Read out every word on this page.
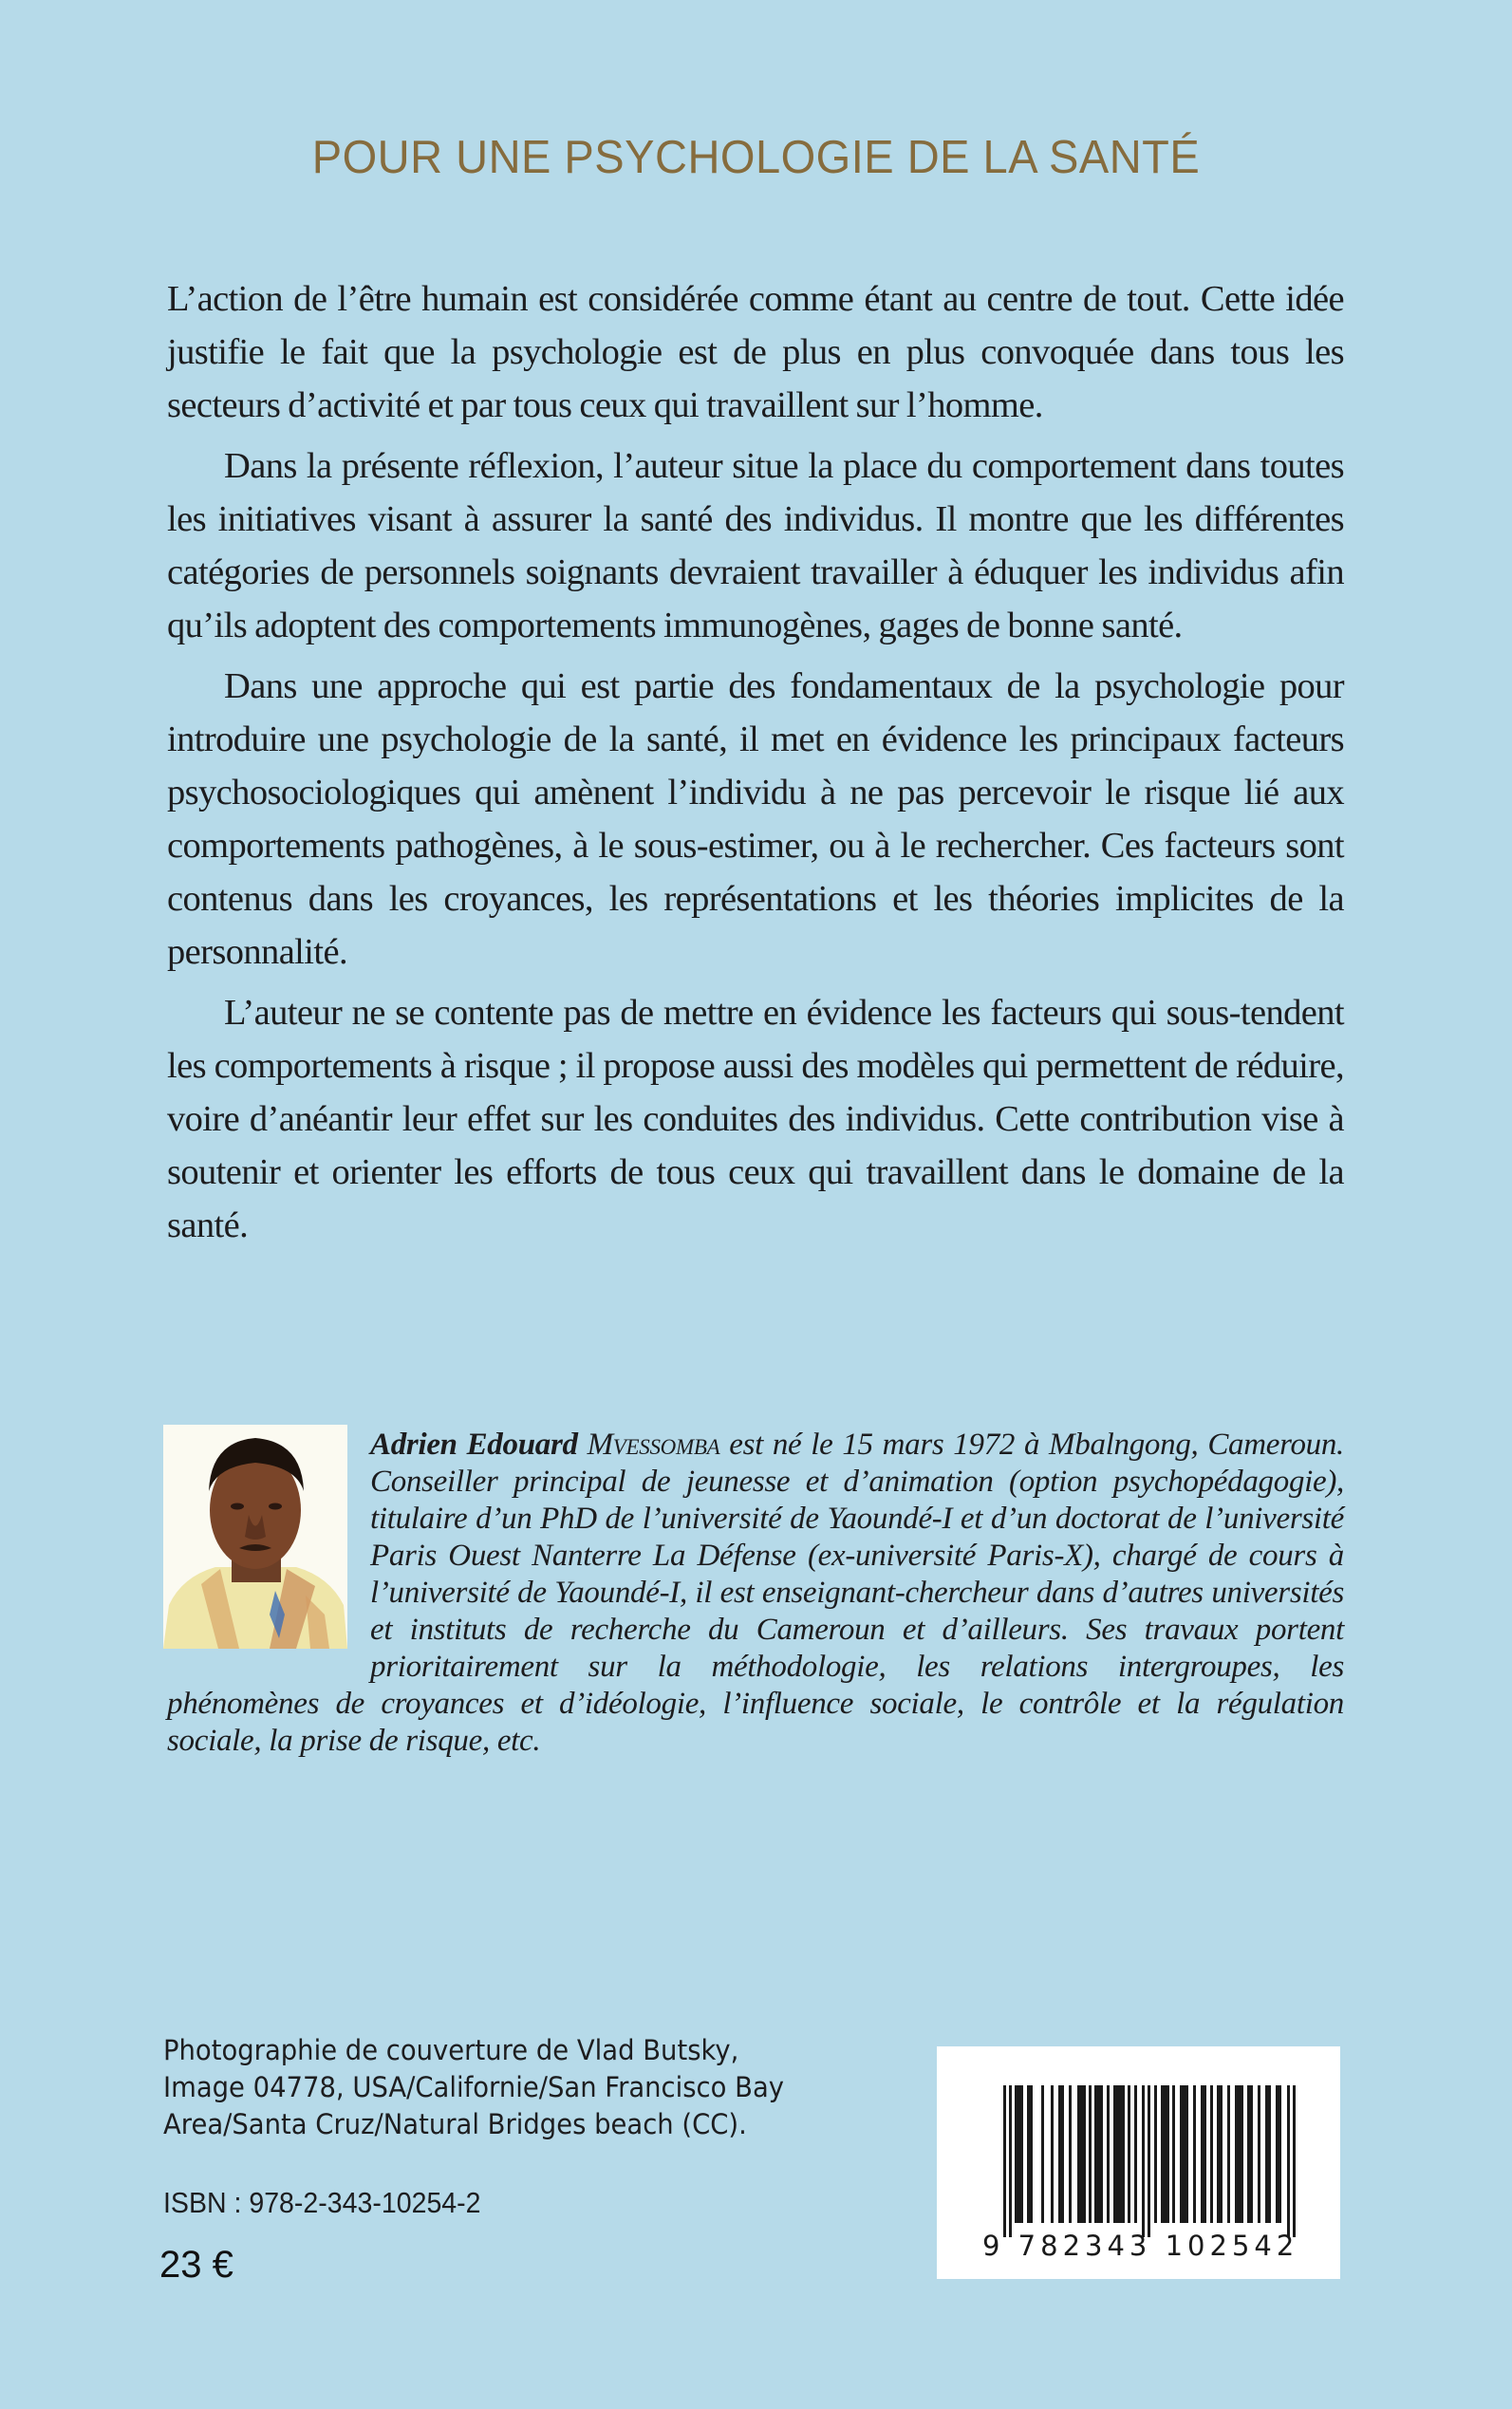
POUR UNE PSYCHOLOGIE DE LA SANTÉ

L’action de l’être humain est considérée comme étant au centre de tout. Cette idée justifie le fait que la psychologie est de plus en plus convoquée dans tous les secteurs d’activité et par tous ceux qui travaillent sur l’homme.

Dans la présente réflexion, l’auteur situe la place du comportement dans toutes les initiatives visant à assurer la santé des individus. Il montre que les différentes catégories de personnels soignants devraient travailler à éduquer les individus afin qu’ils adoptent des comportements immunogènes, gages de bonne santé.

Dans une approche qui est partie des fondamentaux de la psychologie pour introduire une psychologie de la santé, il met en évidence les principaux facteurs psychosociologiques qui amènent l’individu à ne pas percevoir le risque lié aux comportements pathogènes, à le sous-estimer, ou à le rechercher. Ces facteurs sont contenus dans les croyances, les représentations et les théories implicites de la personnalité.

L’auteur ne se contente pas de mettre en évidence les facteurs qui sous-tendent les comportements à risque ; il propose aussi des modèles qui permettent de réduire, voire d’anéantir leur effet sur les conduites des individus. Cette contribution vise à soutenir et orienter les efforts de tous ceux qui travaillent dans le domaine de la santé.

Adrien Edouard Mvessomba est né le 15 mars 1972 à Mbalngong, Cameroun. Conseiller principal de jeunesse et d’animation (option psychopédagogie), titulaire d’un PhD de l’université de Yaoundé-I et d’un doctorat de l’université Paris Ouest Nanterre La Défense (ex-université Paris-X), chargé de cours à l’université de Yaoundé-I, il est enseignant-chercheur dans d’autres universités et instituts de recherche du Cameroun et d’ailleurs. Ses travaux portent prioritairement sur la méthodologie, les relations intergroupes, les phénomènes de croyances et d’idéologie, l’influence sociale, le contrôle et la régulation sociale, la prise de risque, etc.
Photographie de couverture de Vlad Butsky,
Image 04778, USA/Californie/San Francisco Bay
Area/Santa Cruz/Natural Bridges beach (CC).
ISBN : 978-2-343-10254-2
23 €	9 782343 102542
